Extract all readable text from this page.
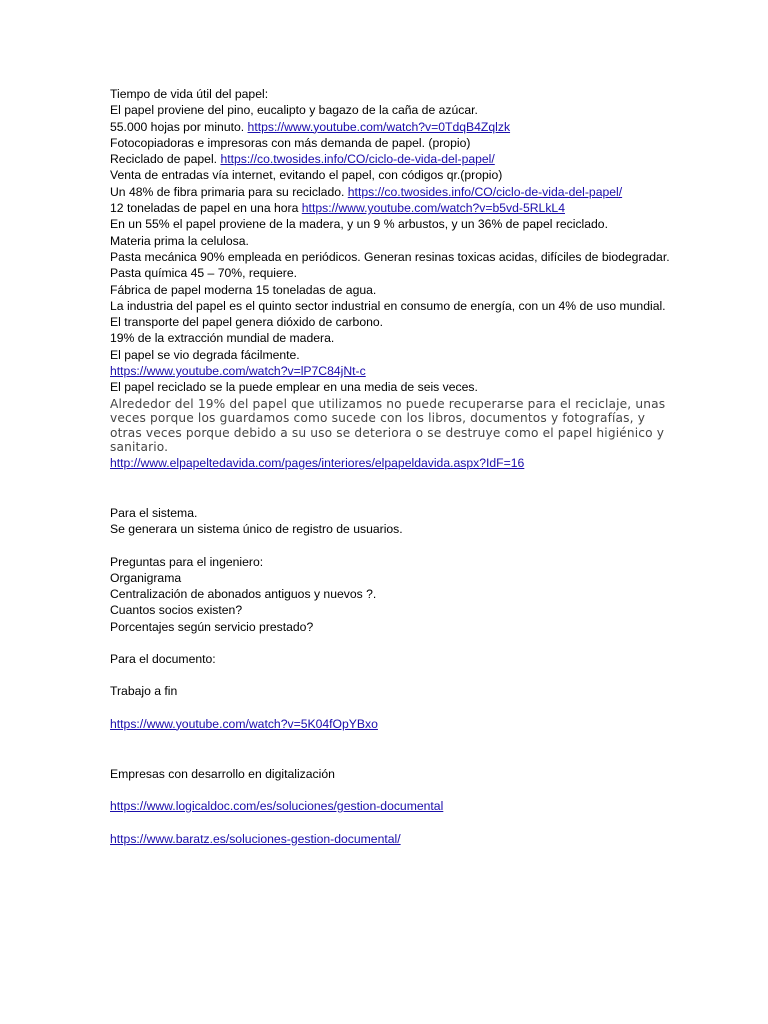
Tiempo de vida útil del papel:
El papel proviene del pino, eucalipto y bagazo de la caña de azúcar.
55.000 hojas por minuto. https://www.youtube.com/watch?v=0TdqB4Zqlzk
Fotocopiadoras e impresoras con más demanda de papel. (propio)
Reciclado de papel. https://co.twosides.info/CO/ciclo-de-vida-del-papel/
Venta de entradas vía internet, evitando el papel, con códigos qr.(propio)
Un 48% de fibra primaria para su reciclado. https://co.twosides.info/CO/ciclo-de-vida-del-papel/
12 toneladas de papel en una hora https://www.youtube.com/watch?v=b5vd-5RLkL4
En un 55% el papel proviene de la madera, y un 9 % arbustos, y un 36% de papel reciclado.
Materia prima la celulosa.
Pasta mecánica 90% empleada en periódicos. Generan resinas toxicas acidas, difíciles de biodegradar.
Pasta química 45 – 70%, requiere.
Fábrica de papel moderna 15 toneladas de agua.
La industria del papel es el quinto sector industrial en consumo de energía, con un 4% de uso mundial.
El transporte del papel genera dióxido de carbono.
19% de la extracción mundial de madera.
El papel se vio degrada fácilmente.
https://www.youtube.com/watch?v=lP7C84jNt-c
El papel reciclado se la puede emplear en una media de seis veces.
Alrededor del 19% del papel que utilizamos no puede recuperarse para el reciclaje, unas veces porque los guardamos como sucede con los libros, documentos y fotografías, y otras veces porque debido a su uso se deteriora o se destruye como el papel higiénico y sanitario.
http://www.elpapeltedavida.com/pages/interiores/elpapeldavida.aspx?IdF=16
Para el sistema.
Se generara un sistema único de registro de usuarios.
Preguntas para el ingeniero:
Organigrama
Centralización de abonados antiguos y nuevos ?.
Cuantos socios existen?
Porcentajes según servicio prestado?
Para el documento:
Trabajo a fin
https://www.youtube.com/watch?v=5K04fOpYBxo
Empresas con desarrollo en digitalización
https://www.logicaldoc.com/es/soluciones/gestion-documental
https://www.baratz.es/soluciones-gestion-documental/
